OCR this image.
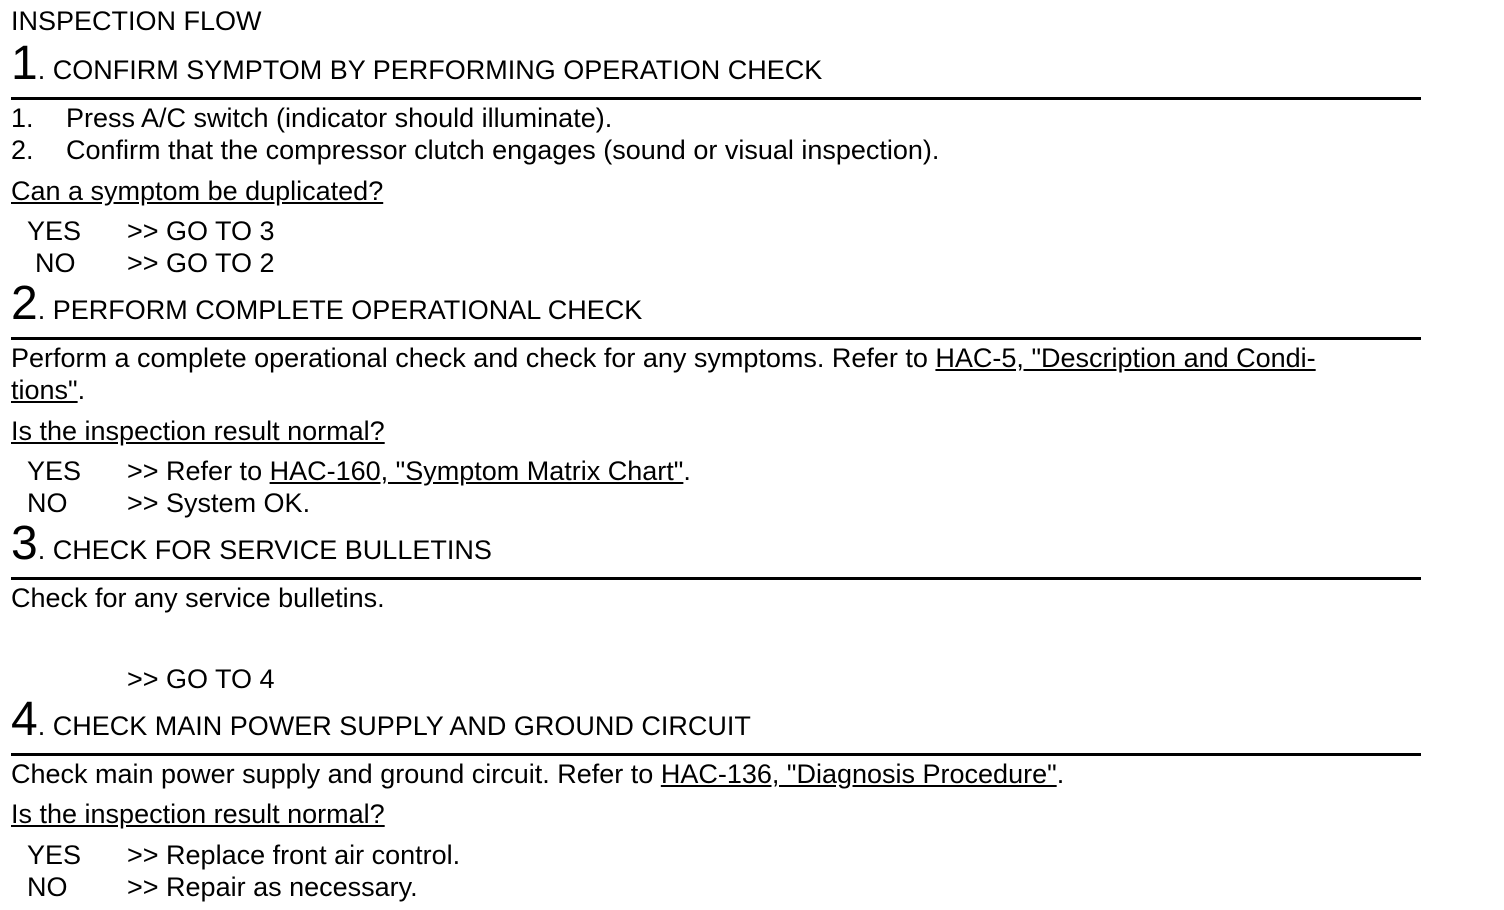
INSPECTION FLOW
1. CONFIRM SYMPTOM BY PERFORMING OPERATION CHECK
1. Press A/C switch (indicator should illuminate).
2. Confirm that the compressor clutch engages (sound or visual inspection).
Can a symptom be duplicated?
YES >> GO TO 3
NO >> GO TO 2
2. PERFORM COMPLETE OPERATIONAL CHECK
Perform a complete operational check and check for any symptoms. Refer to HAC-5, "Description and Condi-
tions".
Is the inspection result normal?
YES >> Refer to HAC-160, "Symptom Matrix Chart".
NO >> System OK.
3. CHECK FOR SERVICE BULLETINS
Check for any service bulletins.
>> GO TO 4
4. CHECK MAIN POWER SUPPLY AND GROUND CIRCUIT
Check main power supply and ground circuit. Refer to HAC-136, "Diagnosis Procedure".
Is the inspection result normal?
YES >> Replace front air control.
NO >> Repair as necessary.
